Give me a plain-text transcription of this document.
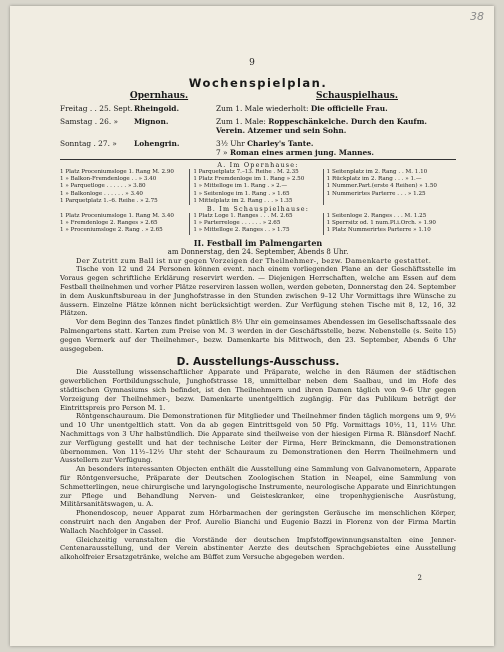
38
9
Wochenspielplan.
Opernhaus.	Schauspielhaus.
Freitag . . 25. Sept. Rheingold.	Zum 1. Male wiederholt: Die officielle Frau.
Samstag . 26. »	Mignon.	Zum 1. Male: Roppeschänkelche. Durch den Kaufm. Verein. Atzemer und sein Sohn.
Sonntag . 27. »	Lohengrin.	3½ Uhr Charley's Tante.
7 » Roman eines armen jung. Mannes.
A. Im Opernhause:
1 Platz Proceniumsloge 1. Rang M. 2.90
1 » Balkon-Fremdenloge . . » 3.40
1 » Parquetloge . . . . . . » 3.80
1 » Balkonloge . . . . . . » 3.40
1 Parquetplatz 1.–6. Reihe . » 2.75
1 Parquetplatz 7.–13. Reihe . M. 2.35
1 Platz Fremdenloge im 1. Rang » 2.50
1 » Mittelloge im 1. Rang . » 2.—
1 » Seitenloge im 1. Rang . » 1.65
1 Mittelplatz im 2. Rang . . . » 1.35
1 Seitenplatz im 2. Rang . . M. 1.10
1 Rückplatz im 2. Rang . . . » 1.—
1 Nummer.Part.(erste 4 Reihen) » 1.50
1 Nummerirtes Parterre . . . » 1.25
B. Im Schauspielhause:
1 Platz Proceniumsloge 1. Rang M. 3.40
1 » Fremdenloge 2. Ranges » 2.65
1 » Proceniumsloge 2. Rang . » 2.65
1 Platz Loge 1. Ranges . . . M. 2.65
1 » Parterreloge . . . . . . » 2.65
1 » Mittelloge 2. Ranges . . » 1.75
1 Seitenloge 2. Ranges . . . M. 1.25
1 Sperrsitz od. 1 num.Pl.i.Orch. » 1.90
1 Platz Nummerirtes Parterre » 1.10
II. Festball im Palmengarten
am Donnerstag, den 24. September, Abends 8 Uhr.

Der Zutritt zum Ball ist nur gegen Vorzeigen der Theilnehmer-, bezw. Damenkarte gestattet.

Tische von 12 und 24 Personen können event. nach einem vorliegenden Plane an der Geschäftsstelle im Voraus gegen schriftliche Erklärung reservirt werden. — Diejenigen Herrschaften, welche am Essen auf dem Festball theilnehmen und vorher Plätze reserviren lassen wollen, werden gebeten, Donnerstag den 24. September in dem Auskunftsbureau in der Junghofstrasse in den Stunden zwischen 9–12 Uhr Vormittags ihre Wünsche zu äussern. Einzelne Plätze können nicht berücksichtigt werden. Zur Verfügung stehen Tische mit 8, 12, 16, 32 Plätzen.

Vor dem Beginn des Tanzes findet pünktlich 8½ Uhr ein gemeinsames Abendessen im Gesellschaftssaale des Palmengartens statt. Karten zum Preise von M. 3 werden in der Geschäftsstelle, bezw. Nebenstelle (s. Seite 15) gegen Vermerk auf der Theilnehmer-, bezw. Damenkarte bis Mittwoch, den 23. September, Abends 6 Uhr ausgegeben.

D. Ausstellungs-Ausschuss.

Die Ausstellung wissenschaftlicher Apparate und Präparate, welche in den Räumen der städtischen gewerblichen Fortbildungsschule, Junghofstrasse 18, unmittelbar neben dem Saalbau, und im Hofe des städtischen Gymnasiums sich befindet, ist den Theilnehmern und ihren Damen täglich von 9–6 Uhr gegen Vorzeigung der Theilnehmer-, bezw. Damenkarte unentgeltlich zugängig. Für das Publikum beträgt der Eintrittspreis pro Person M. 1.

Röntgenschauraum. Die Demonstrationen für Mitglieder und Theilnehmer finden täglich morgens um 9, 9½ und 10 Uhr unentgeltlich statt. Von da ab gegen Eintrittsgeld von 50 Pfg. Vormittags 10½, 11, 11½ Uhr. Nachmittags von 3 Uhr halbstündlich. Die Apparate sind theilweise von der hiesigen Firma R. Blänsdorf Nachf. zur Verfügung gestellt und hat der technische Leiter der Firma, Herr Brinckmann, die Demonstrationen übernommen. Von 11½–12½ Uhr steht der Schauraum zu Demonstrationen den Herrn Theilnehmern und Ausstellern zur Verfügung.

An besonders interessanten Objecten enthält die Ausstellung eine Sammlung von Galvanometern, Apparate für Röntgenversuche, Präparate der Deutschen Zoologischen Station in Neapel, eine Sammlung von Schmetterlingen, neue chirurgische und laryngologische Instrumente, neurologische Apparate und Einrichtungen zur Pflege und Behandlung Nerven- und Geisteskranker, eine tropenhygienische Ausrüstung, Militärsanitätswagen, u. A.

Phonendoscop, neuer Apparat zum Hörbarmachen der geringsten Geräusche im menschlichen Körper, construirt nach den Angaben der Prof. Aurelio Bianchi und Eugenio Bazzi in Florenz von der Firma Martin Wallach Nachfolger in Cassel.

Gleichzeitig veranstalten die Vorstände der deutschen Impfstoffgewinnungsanstalten eine Jenner-Centenarausstellung, und der Verein abstinenter Aerzte des deutschen Sprachgebietes eine Ausstellung alkoholfreier Ersatzgetränke, welche am Büffet zum Versuche abgegeben werden.

2
